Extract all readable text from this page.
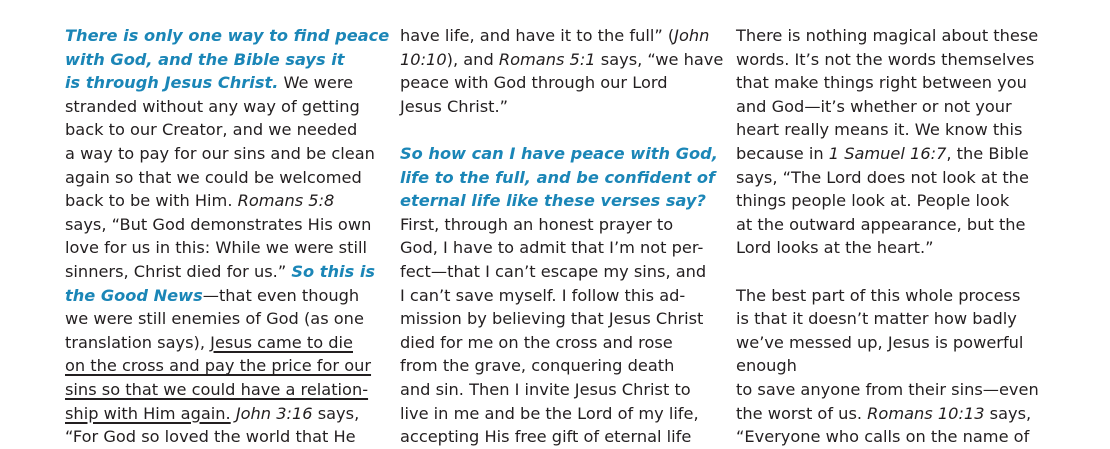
There is only one way to find peace
with God, and the Bible says it
is through Jesus Christ. We were
stranded without any way of getting
back to our Creator, and we needed
a way to pay for our sins and be clean
again so that we could be welcomed
back to be with Him. Romans 5:8
says, “But God demonstrates His own
love for us in this: While we were still
sinners, Christ died for us.” So this is
the Good News—that even though
we were still enemies of God (as one
translation says), Jesus came to die
on the cross and pay the price for our
sins so that we could have a relation-
ship with Him again. John 3:16 says,
“For God so loved the world that He
have life, and have it to the full” (John
10:10), and Romans 5:1 says, “we have
peace with God through our Lord
Jesus Christ.”
So how can I have peace with God,
life to the full, and be confident of
eternal life like these verses say?
First, through an honest prayer to
God, I have to admit that I’m not per-
fect—that I can’t escape my sins, and
I can’t save myself. I follow this ad-
mission by believing that Jesus Christ
died for me on the cross and rose
from the grave, conquering death
and sin. Then I invite Jesus Christ to
live in me and be the Lord of my life,
accepting His free gift of eternal life
There is nothing magical about these
words. It’s not the words themselves
that make things right between you
and God—it’s whether or not your
heart really means it. We know this
because in 1 Samuel 16:7, the Bible
says, “The Lord does not look at the
things people look at. People look
at the outward appearance, but the
Lord looks at the heart.”
The best part of this whole process
is that it doesn’t matter how badly
we’ve messed up, Jesus is powerful
enough
to save anyone from their sins—even
the worst of us. Romans 10:13 says,
“Everyone who calls on the name of
